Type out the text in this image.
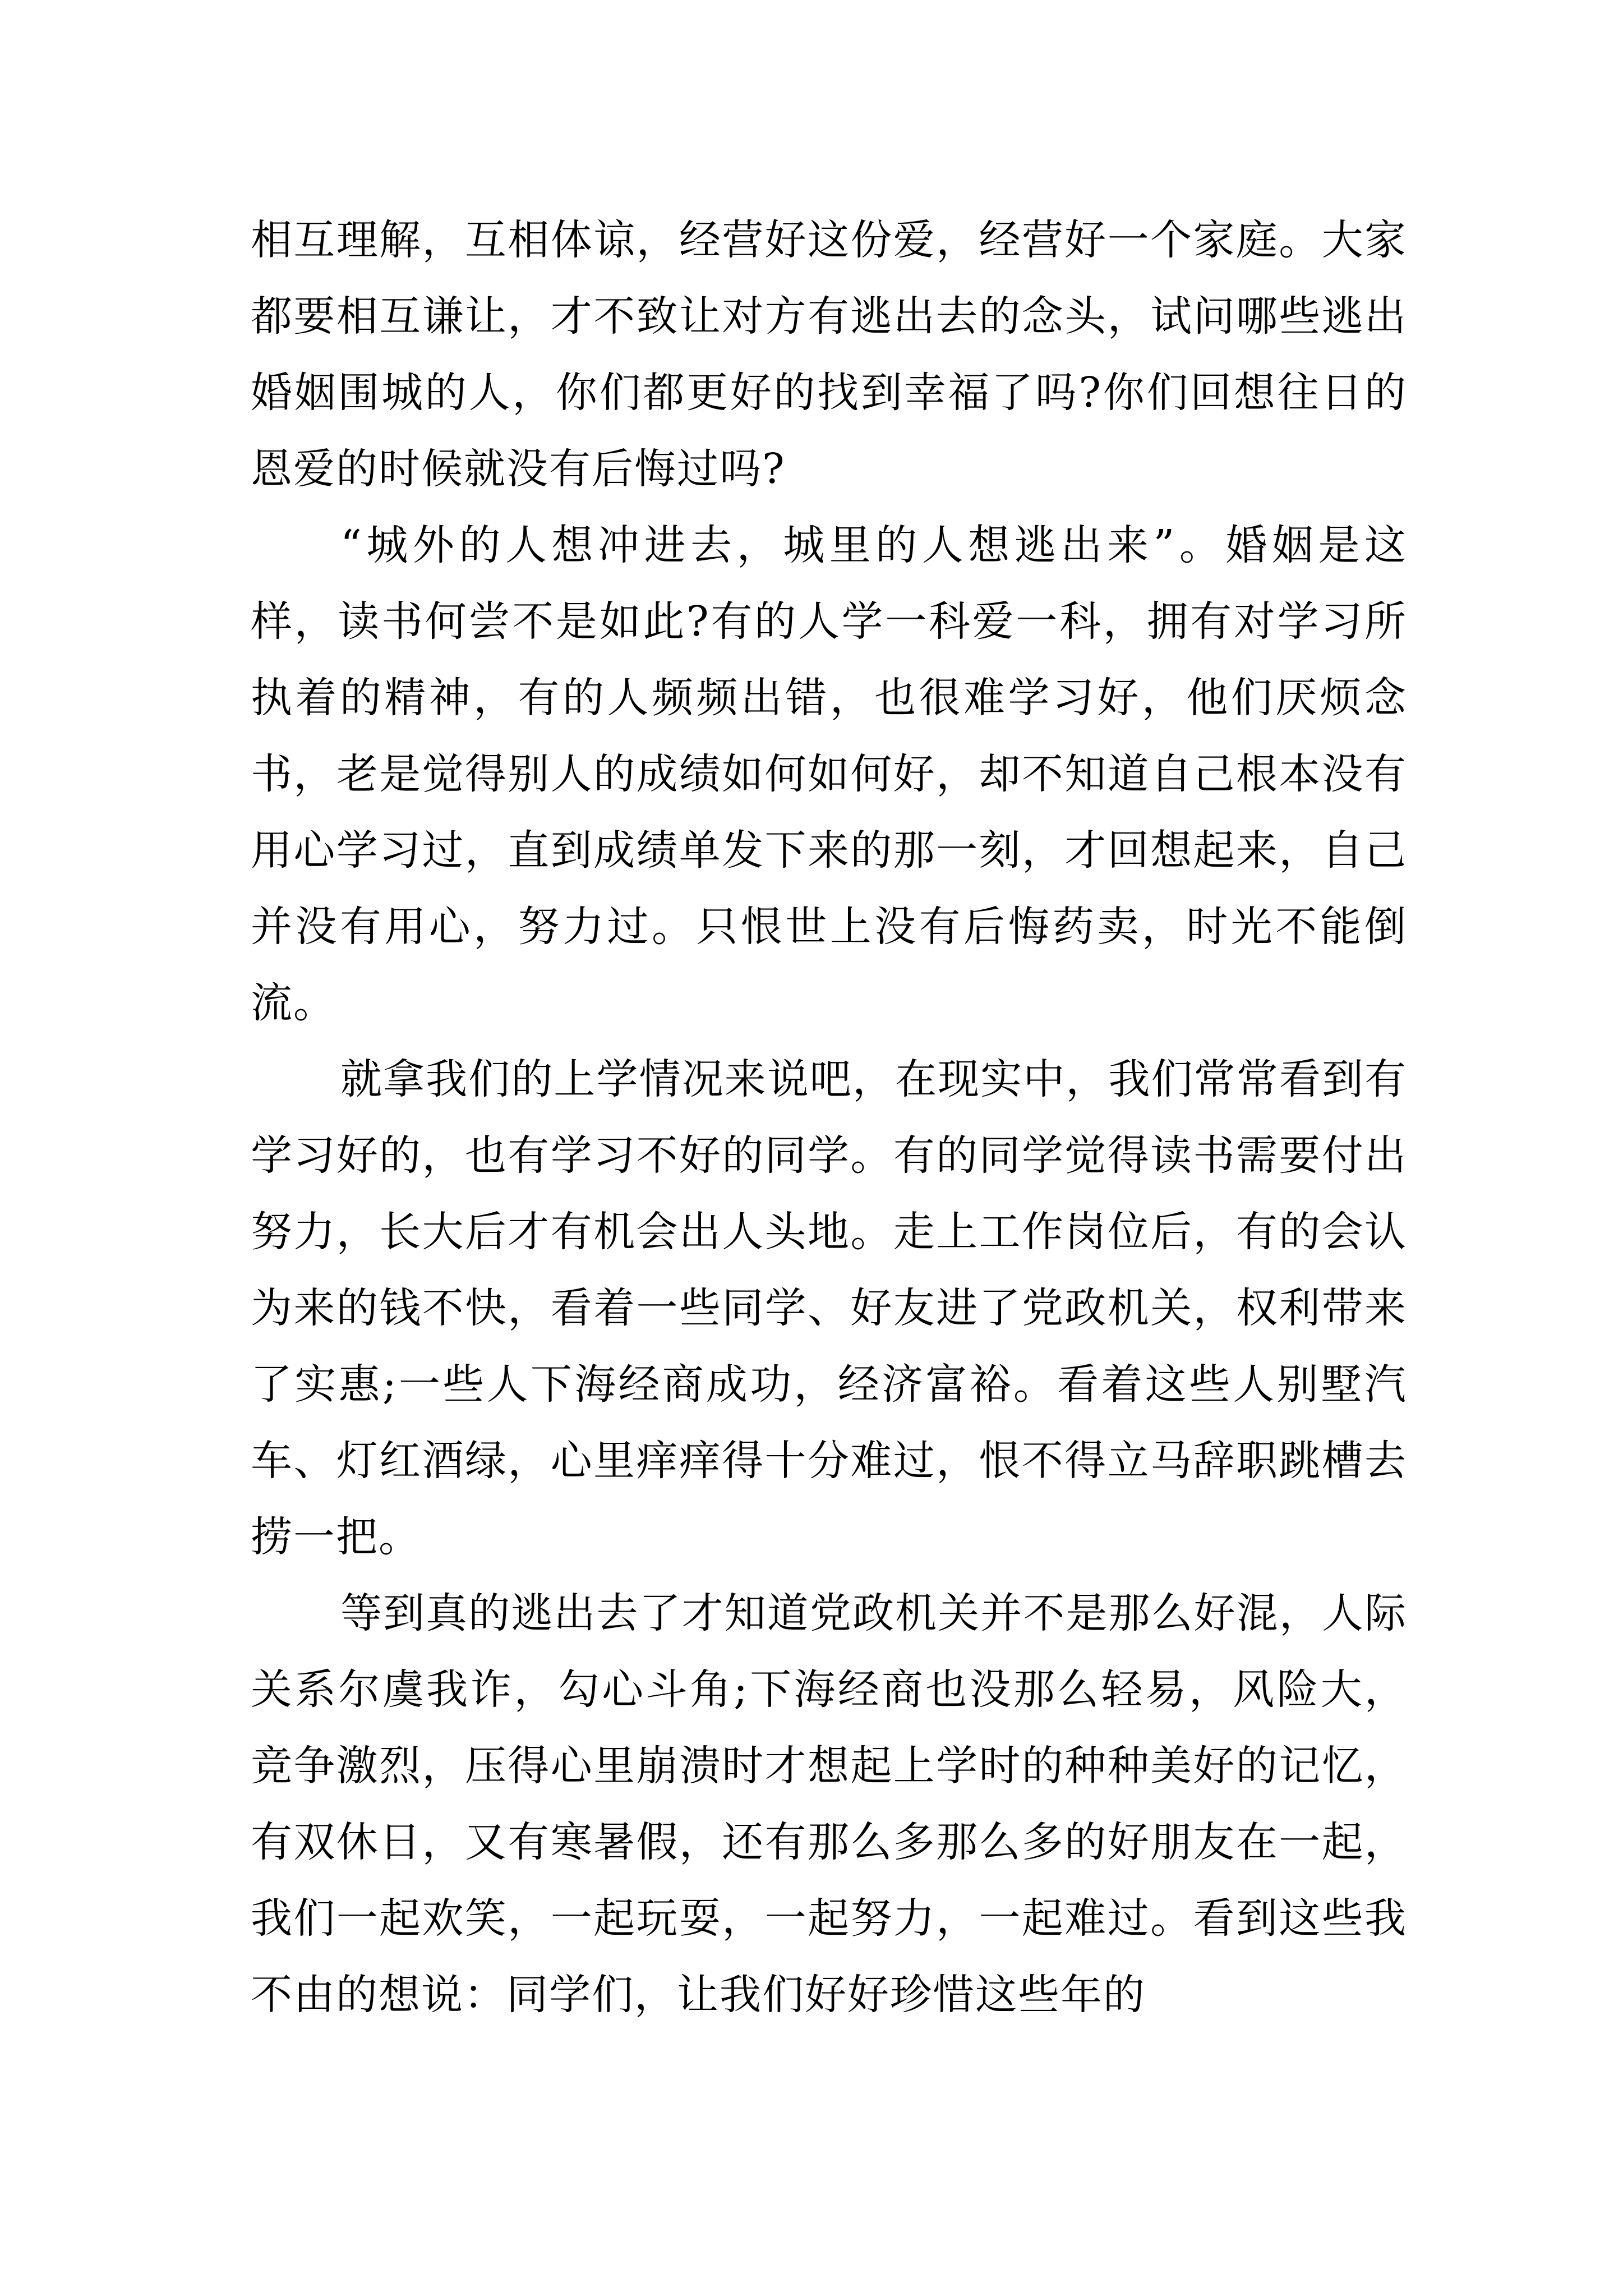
相互理解，互相体谅，经营好这份爱，经营好一个家庭。大家都要相互谦让，才不致让对方有逃出去的念头，试问哪些逃出婚姻围城的人，你们都更好的找到幸福了吗?你们回想往日的恩爱的时候就没有后悔过吗?

“城外的人想冲进去，城里的人想逃出来”。婚姻是这样，读书何尝不是如此?有的人学一科爱一科，拥有对学习所执着的精神，有的人频频出错，也很难学习好，他们厌烦念书，老是觉得别人的成绩如何如何好，却不知道自己根本没有用心学习过，直到成绩单发下来的那一刻，才回想起来，自己并没有用心，努力过。只恨世上没有后悔药卖，时光不能倒流。

就拿我们的上学情况来说吧，在现实中，我们常常看到有学习好的，也有学习不好的同学。有的同学觉得读书需要付出努力，长大后才有机会出人头地。走上工作岗位后，有的会认为来的钱不快，看着一些同学、好友进了党政机关，权利带来了实惠;一些人下海经商成功，经济富裕。看着这些人别墅汽车、灯红酒绿，心里痒痒得十分难过，恨不得立马辞职跳槽去捞一把。

等到真的逃出去了才知道党政机关并不是那么好混，人际关系尔虞我诈，勾心斗角;下海经商也没那么轻易，风险大，竞争激烈，压得心里崩溃时才想起上学时的种种美好的记忆，有双休日，又有寒暑假，还有那么多那么多的好朋友在一起，我们一起欢笑，一起玩耍，一起努力，一起难过。看到这些我不由的想说：同学们，让我们好好珍惜这些年的
